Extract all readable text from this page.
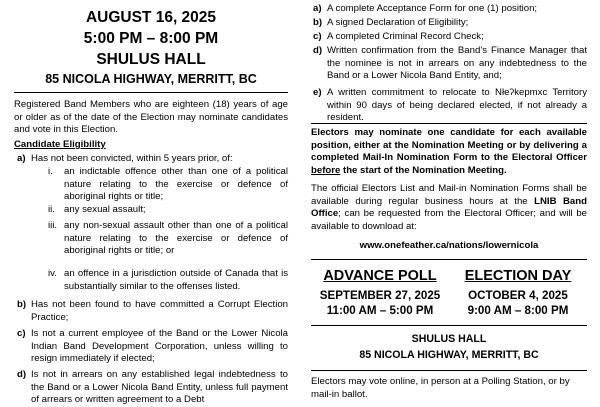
AUGUST 16, 2025
5:00 PM – 8:00 PM
SHULUS HALL
85 NICOLA HIGHWAY, MERRITT, BC
Registered Band Members who are eighteen (18) years of age or older as of the date of the Election may nominate candidates and vote in this Election.
Candidate Eligibility
a) Has not been convicted, within 5 years prior, of:
i. an indictable offence other than one of a political nature relating to the exercise or defence of aboriginal rights or title;
ii. any sexual assault;
iii. any non-sexual assault other than one of a political nature relating to the exercise or defence of aboriginal rights or title; or
iv. an offence in a jurisdiction outside of Canada that is substantially similar to the offenses listed.
b) Has not been found to have committed a Corrupt Election Practice;
c) Is not a current employee of the Band or the Lower Nicola Indian Band Development Corporation, unless willing to resign immediately if elected;
d) Is not in arrears on any established legal indebtedness to the Band or a Lower Nicola Band Entity, unless full payment of arrears or written agreement to a Debt
a) A complete Acceptance Form for one (1) position;
b) A signed Declaration of Eligibility;
c) A completed Criminal Record Check;
d) Written confirmation from the Band’s Finance Manager that the nominee is not in arrears on any indebtedness to the Band or a Lower Nicola Band Entity, and;
e) A written commitment to relocate to Nłeʔkepmxc Territory within 90 days of being declared elected, if not already a resident.
Electors may nominate one candidate for each available position, either at the Nomination Meeting or by delivering a completed Mail-In Nomination Form to the Electoral Officer before the start of the Nomination Meeting.
The official Electors List and Mail-in Nomination Forms shall be available during regular business hours at the LNIB Band Office; can be requested from the Electoral Officer; and will be available to download at:
www.onefeather.ca/nations/lowernicola
ADVANCE POLL
SEPTEMBER 27, 2025
11:00 AM – 5:00 PM
ELECTION DAY
OCTOBER 4, 2025
9:00 AM – 8:00 PM
SHULUS HALL
85 NICOLA HIGHWAY, MERRITT, BC
Electors may vote online, in person at a Polling Station, or by mail-in ballot.
